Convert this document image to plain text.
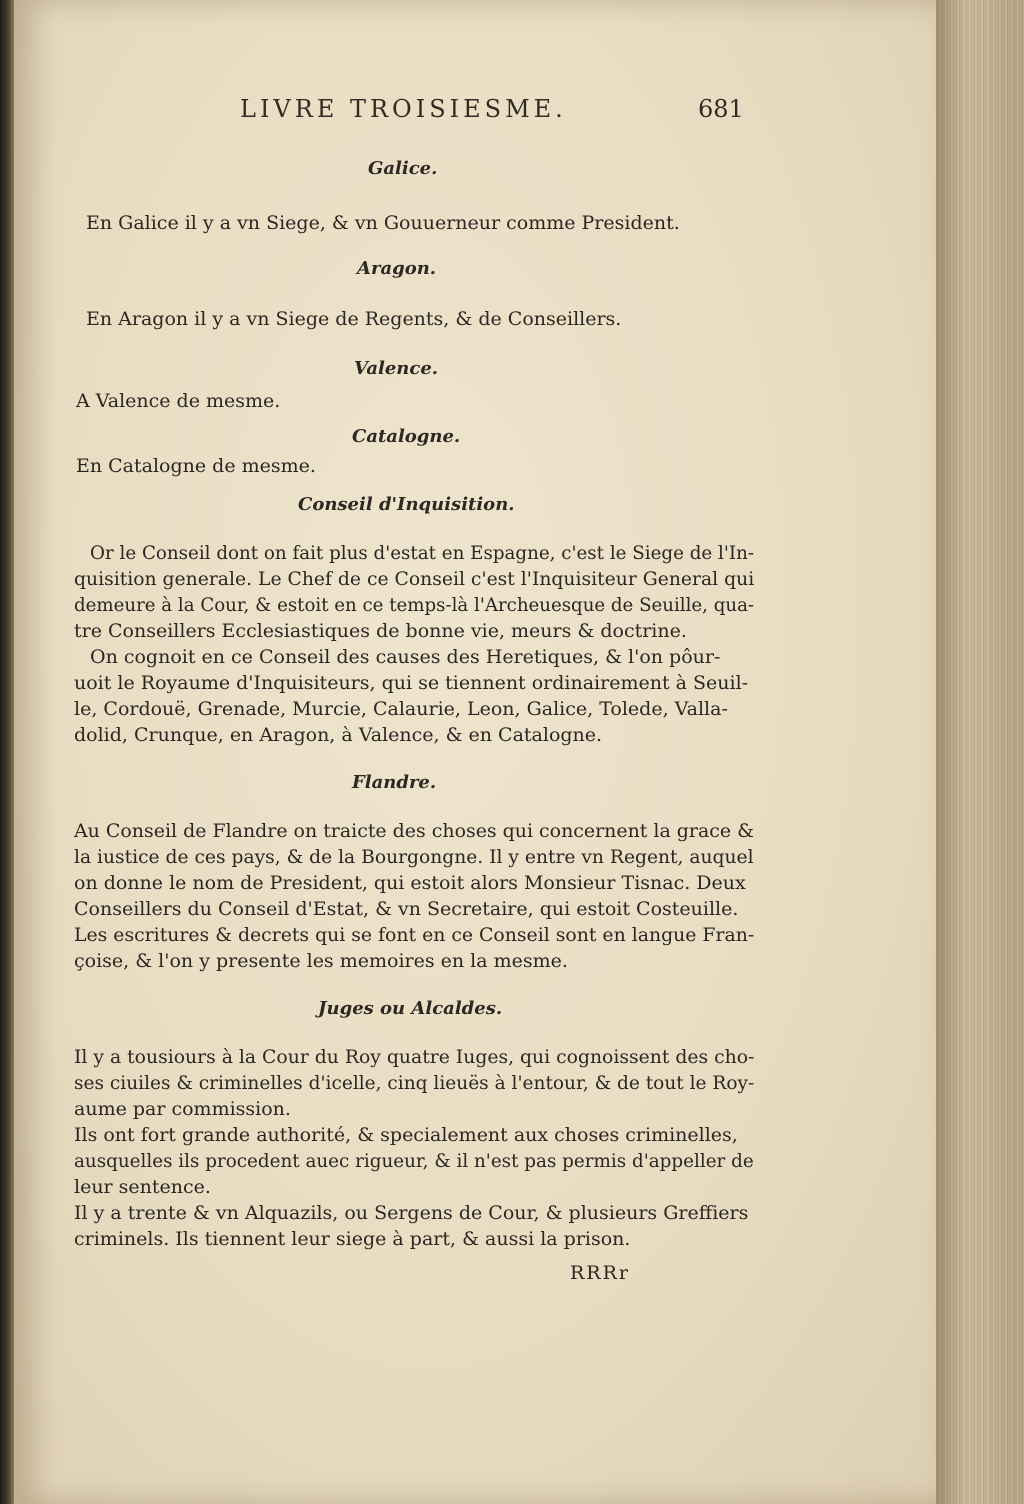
LIVRE TROISIESME.	681
Galice.
En Galice il y a vn Siege, & vn Gouuerneur comme President.
Aragon.
En Aragon il y a vn Siege de Regents, & de Conseillers.
Valence.
A Valence de mesme.
Catalogne.
En Catalogne de mesme.
Conseil d'Inquisition.
Or le Conseil dont on fait plus d'estat en Espagne, c'est le Siege de l'In-
quisition generale. Le Chef de ce Conseil c'est l'Inquisiteur General qui
demeure à la Cour, & estoit en ce temps-là l'Archeuesque de Seuille, qua-
tre Conseillers Ecclesiastiques de bonne vie, meurs & doctrine.
On cognoit en ce Conseil des causes des Heretiques, & l'on pôur-
uoit le Royaume d'Inquisiteurs, qui se tiennent ordinairement à Seuil-
le, Cordouë, Grenade, Murcie, Calaurie, Leon, Galice, Tolede, Valla-
dolid, Crunque, en Aragon, à Valence, & en Catalogne.
Flandre.
Au Conseil de Flandre on traicte des choses qui concernent la grace &
la iustice de ces pays, & de la Bourgongne. Il y entre vn Regent, auquel
on donne le nom de President, qui estoit alors Monsieur Tisnac. Deux
Conseillers du Conseil d'Estat, & vn Secretaire, qui estoit Costeuille.
Les escritures & decrets qui se font en ce Conseil sont en langue Fran-
çoise, & l'on y presente les memoires en la mesme.
Juges ou Alcaldes.
Il y a tousiours à la Cour du Roy quatre Iuges, qui cognoissent des cho-
ses ciuiles & criminelles d'icelle, cinq lieuës à l'entour, & de tout le Roy-
aume par commission.
Ils ont fort grande authorité, & specialement aux choses criminelles,
ausquelles ils procedent auec rigueur, & il n'est pas permis d'appeller de
leur sentence.
Il y a trente & vn Alquazils, ou Sergens de Cour, & plusieurs Greffiers
criminels. Ils tiennent leur siege à part, & aussi la prison.
RRRr
